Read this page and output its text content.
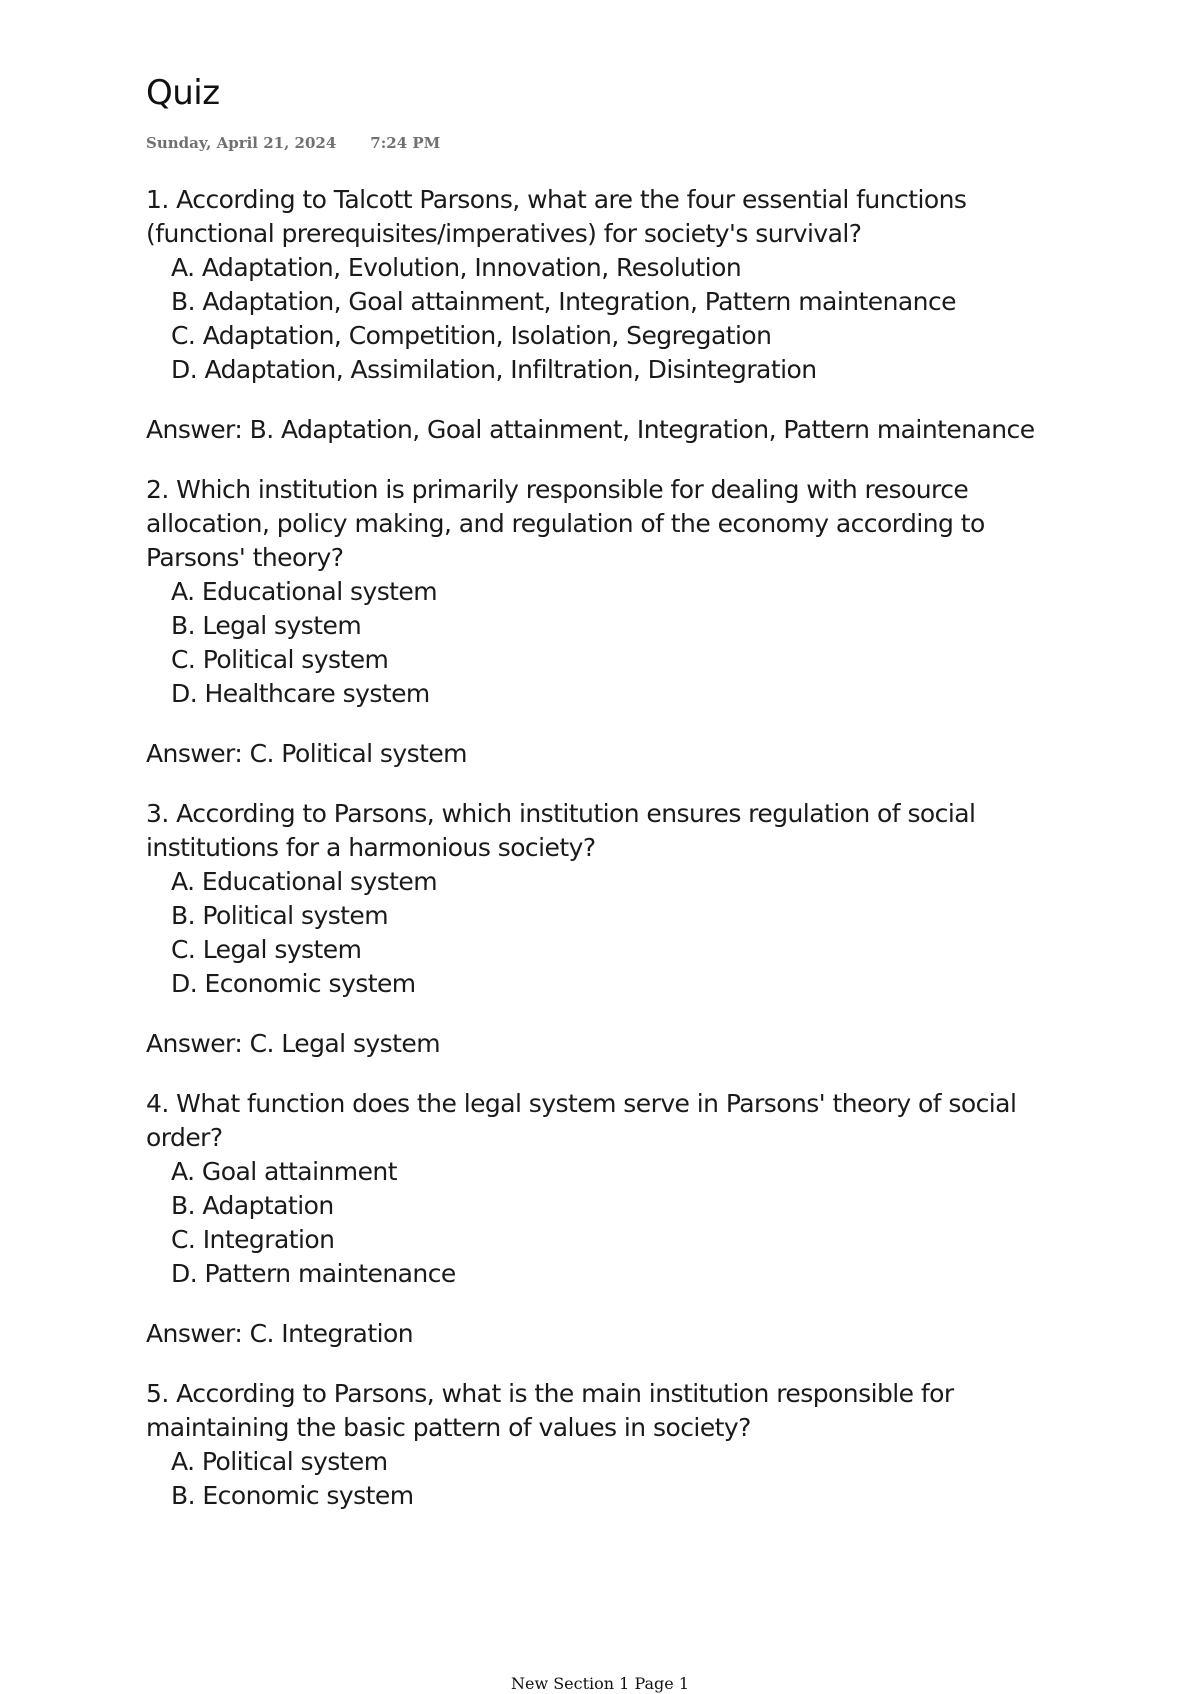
Quiz
Sunday, April 21, 2024 7:24 PM

1. According to Talcott Parsons, what are the four essential functions (functional prerequisites/imperatives) for society's survival?

A. Adaptation, Evolution, Innovation, Resolution
B. Adaptation, Goal attainment, Integration, Pattern maintenance
C. Adaptation, Competition, Isolation, Segregation
D. Adaptation, Assimilation, Infiltration, Disintegration

Answer: B. Adaptation, Goal attainment, Integration, Pattern maintenance

2. Which institution is primarily responsible for dealing with resource allocation, policy making, and regulation of the economy according to Parsons' theory?

A. Educational system
B. Legal system
C. Political system
D. Healthcare system

Answer: C. Political system

3. According to Parsons, which institution ensures regulation of social institutions for a harmonious society?

A. Educational system
B. Political system
C. Legal system
D. Economic system

Answer: C. Legal system

4. What function does the legal system serve in Parsons' theory of social order?

A. Goal attainment
B. Adaptation
C. Integration
D. Pattern maintenance

Answer: C. Integration

5. According to Parsons, what is the main institution responsible for maintaining the basic pattern of values in society?

A. Political system
B. Economic system
New Section 1 Page 1
